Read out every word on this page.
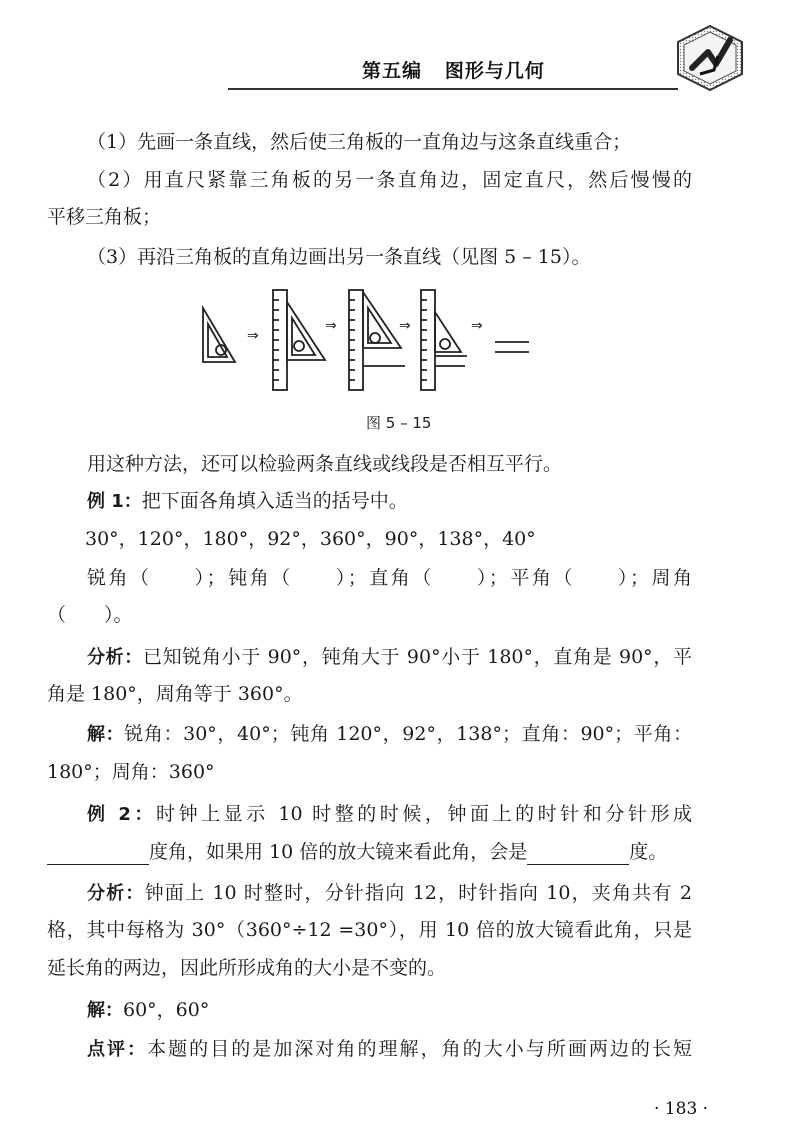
第五编 图形与几何
（1）先画一条直线，然后使三角板的一直角边与这条直线重合；
（2）用直尺紧靠三角板的另一条直角边，固定直尺，然后慢慢的
平移三角板；
（3）再沿三角板的直角边画出另一条直线（见图 5 – 15）。
⇒
⇒	⇒	⇒
图 5 – 15
用这种方法，还可以检验两条直线或线段是否相互平行。
例 1：把下面各角填入适当的括号中。
30°，120°，180°，92°，360°，90°，138°，40°
锐角（　　）；钝角（　　）；直角（　　）；平角（　　）；周角
（　　）。
分析：已知锐角小于 90°，钝角大于 90°小于 180°，直角是 90°，平
角是 180°，周角等于 360°。
解：锐角：30°，40°；钝角 120°，92°，138°；直角：90°；平角：
180°；周角：360°
例 2：时钟上显示 10 时整的时候，钟面上的时针和分针形成
度角，如果用 10 倍的放大镜来看此角，会是	度。
分析：钟面上 10 时整时，分针指向 12，时针指向 10，夹角共有 2
格，其中每格为 30°（360°÷12 =30°），用 10 倍的放大镜看此角，只是
延长角的两边，因此所形成角的大小是不变的。
解：60°，60°
点评：本题的目的是加深对角的理解，角的大小与所画两边的长短
· 183 ·
